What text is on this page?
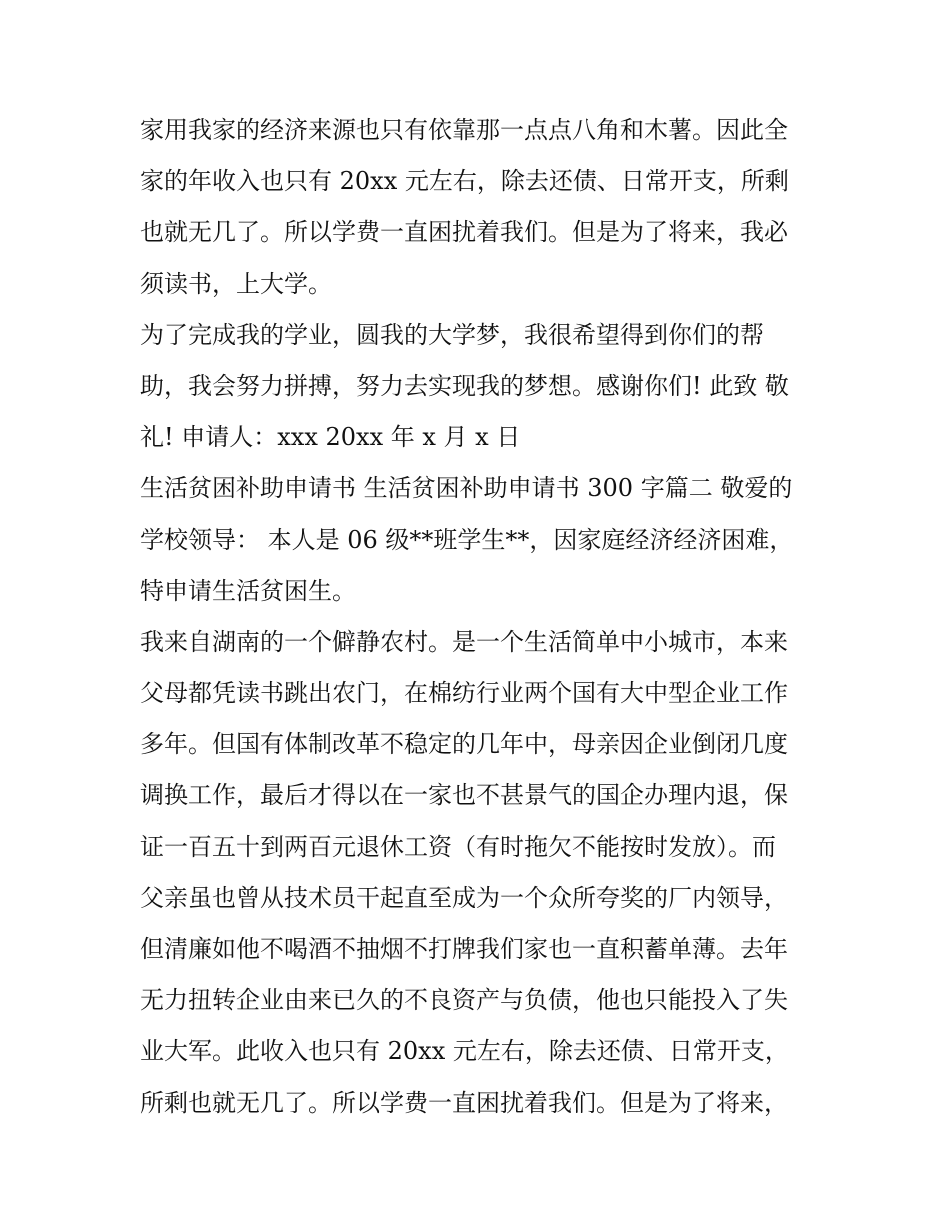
家用我家的经济来源也只有依靠那一点点八角和木薯。因此全
家的年收入也只有 20xx 元左右，除去还债、日常开支，所剩
也就无几了。所以学费一直困扰着我们。但是为了将来，我必
须读书，上大学。
为了完成我的学业，圆我的大学梦，我很希望得到你们的帮
助，我会努力拼搏，努力去实现我的梦想。感谢你们! 此致 敬
礼! 申请人：xxx 20xx 年 x 月 x 日
生活贫困补助申请书 生活贫困补助申请书 300 字篇二 敬爱的
学校领导： 本人是 06 级**班学生**，因家庭经济经济困难，
特申请生活贫困生。
我来自湖南的一个僻静农村。是一个生活简单中小城市，本来
父母都凭读书跳出农门，在棉纺行业两个国有大中型企业工作
多年。但国有体制改革不稳定的几年中，母亲因企业倒闭几度
调换工作，最后才得以在一家也不甚景气的国企办理内退，保
证一百五十到两百元退休工资（有时拖欠不能按时发放）。而
父亲虽也曾从技术员干起直至成为一个众所夸奖的厂内领导，
但清廉如他不喝酒不抽烟不打牌我们家也一直积蓄单薄。去年
无力扭转企业由来已久的不良资产与负债，他也只能投入了失
业大军。此收入也只有 20xx 元左右，除去还债、日常开支，
所剩也就无几了。所以学费一直困扰着我们。但是为了将来，
